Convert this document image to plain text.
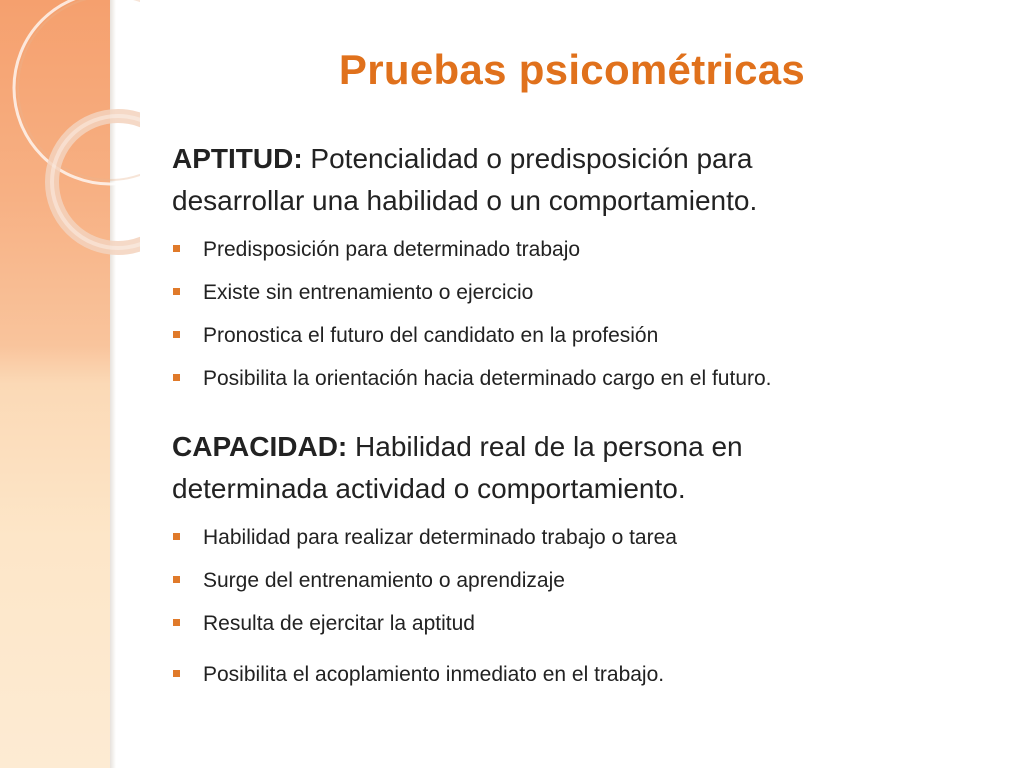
Pruebas psicométricas

APTITUD: Potencialidad o predisposición para
desarrollar una habilidad o un comportamiento.

Predisposición para determinado trabajo
Existe sin entrenamiento o ejercicio
Pronostica el futuro del candidato en la profesión
Posibilita la orientación hacia determinado cargo en el futuro.

CAPACIDAD: Habilidad real de la persona en
determinada actividad o comportamiento.

Habilidad para realizar determinado trabajo o tarea
Surge del entrenamiento o aprendizaje
Resulta de ejercitar la aptitud
Posibilita el acoplamiento inmediato en el trabajo.
